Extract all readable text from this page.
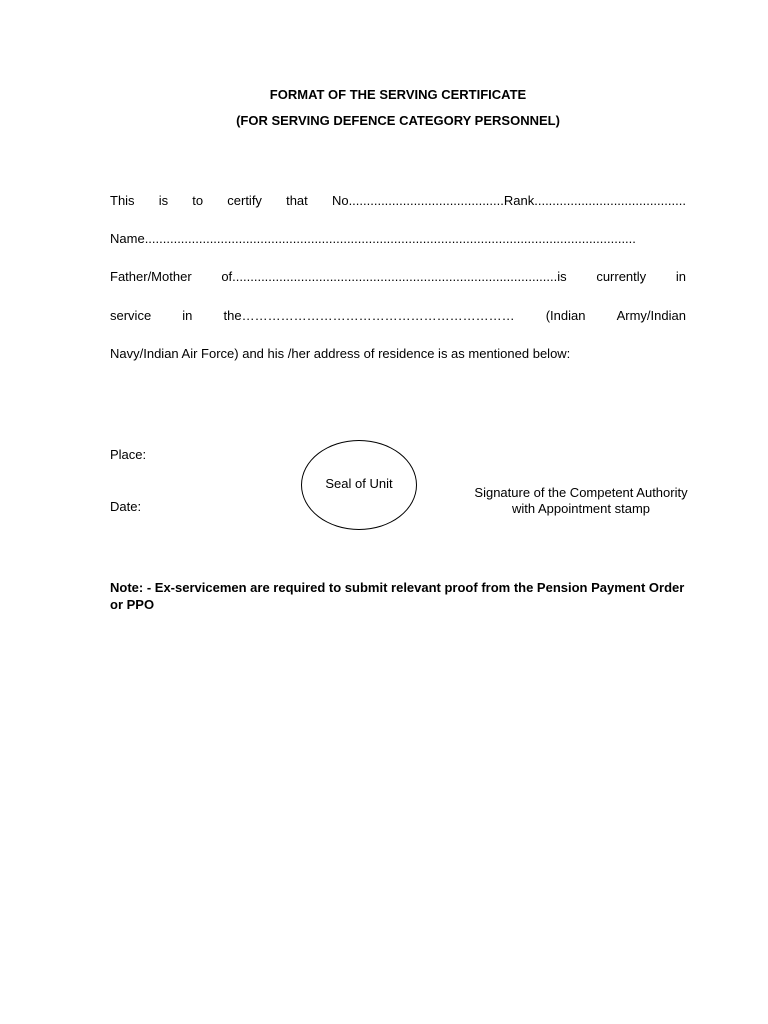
FORMAT OF THE SERVING CERTIFICATE
(FOR SERVING DEFENCE CATEGORY PERSONNEL)
This is to certify that No...........................................Rank..........................................
Name........................................................................................................................................
Father/Mother of..........................................................................................is currently in
service in the……………………………………………………… (Indian Army/Indian
Navy/Indian Air Force) and his /her address of residence is as mentioned below:
Place:
Date:
Seal of Unit
Signature of the Competent Authority
with Appointment stamp
Note: - Ex-servicemen are required to submit relevant proof from the Pension Payment Order or PPO
